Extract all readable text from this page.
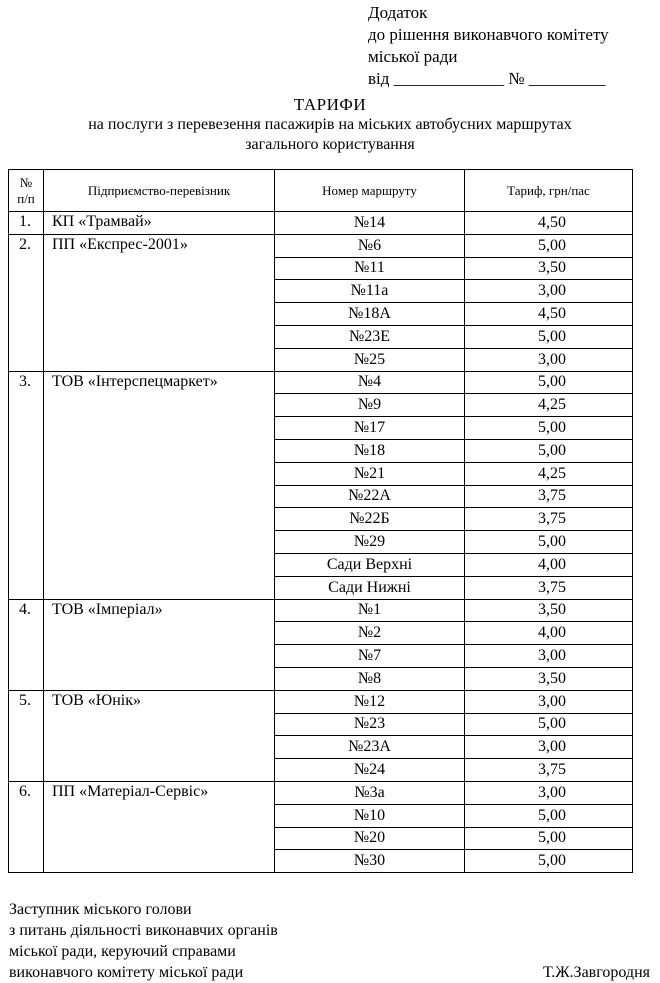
Додаток
до рішення виконавчого комітету
міської ради
від _____________ № _________
ТАРИФИ
на послуги з перевезення пасажирів на міських автобусних маршрутах
загального користування
№
п/п	Підприємство-перевізник	Номер маршруту	Тариф, грн/пас
1.	КП «Трамвай»	№14	4,50
2.	ПП «Експрес-2001»	№6	5,00
		№11	3,50
		№11а	3,00
		№18А	4,50
		№23Е	5,00
		№25	3,00
3.	ТОВ «Інтерспецмаркет»	№4	5,00
		№9	4,25
		№17	5,00
		№18	5,00
		№21	4,25
		№22А	3,75
		№22Б	3,75
		№29	5,00
		Сади Верхні	4,00
		Сади Нижні	3,75
4.	ТОВ «Імперіал»	№1	3,50
		№2	4,00
		№7	3,00
		№8	3,50
5.	ТОВ «Юнік»	№12	3,00
		№23	5,00
		№23А	3,00
		№24	3,75
6.	ПП «Матеріал-Сервіс»	№3а	3,00
		№10	5,00
		№20	5,00
		№30	5,00
Заступник міського голови
з питань діяльності виконавчих органів
міської ради, керуючий справами
виконавчого комітету міської ради	Т.Ж.Завгородня
